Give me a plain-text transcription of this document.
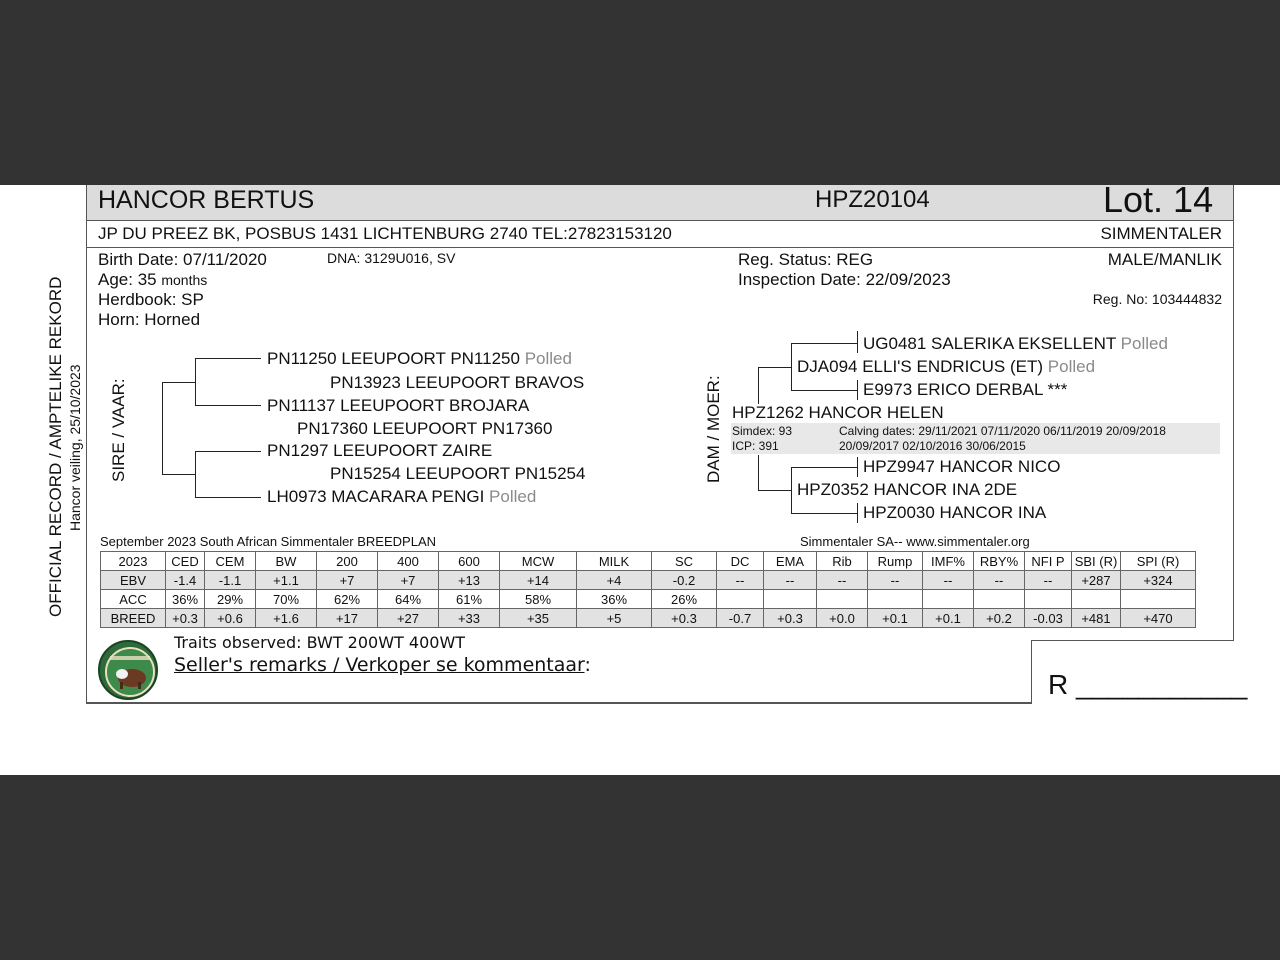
HANCOR BERTUS	HPZ20104	Lot. 14
JP DU PREEZ BK, POSBUS 1431 LICHTENBURG 2740 TEL:27823153120	SIMMENTALER
Birth Date: 07/11/2020	DNA: 3129U016, SV
Age: 35 months
Herdbook: SP
Horn: Horned
Reg. Status: REG
Inspection Date: 22/09/2023
MALE/MANLIK
Reg. No: 103444832
OFFICIAL RECORD / AMPTELIKE REKORD Hancor veiling, 25/10/2023 SIRE / VAAR:	DAM / MOER:
PN11250 LEEUPOORT PN11250 Polled
PN13923 LEEUPOORT BRAVOS
PN11137 LEEUPOORT BROJARA
PN17360 LEEUPOORT PN17360
PN1297 LEEUPOORT ZAIRE
PN15254 LEEUPOORT PN15254
LH0973 MACARARA PENGI Polled
UG0481 SALERIKA EKSELLENT Polled
DJA094 ELLI'S ENDRICUS (ET) Polled
E9973 ERICO DERBAL ***
HPZ1262 HANCOR HELEN
Simdex: 93
ICP: 391
Calving dates: 29/11/2021 07/11/2020 06/11/2019 20/09/2018
20/09/2017 02/10/2016 30/06/2015
HPZ9947 HANCOR NICO
HPZ0352 HANCOR INA 2DE
HPZ0030 HANCOR INA
September 2023 South African Simmentaler BREEDPLAN	Simmentaler SA-- www.simmentaler.org
2023	CED	CEM	BW	200	400	600	MCW	MILK	SC	DC	EMA	Rib	Rump	IMF%	RBY%	NFI P	SBI (R)	SPI (R)
EBV	-1.4	-1.1	+1.1	+7	+7	+13	+14	+4	-0.2	--	--	--	--	--	--	--	+287	+324
ACC	36%	29%	70%	62%	64%	61%	58%	36%	26%									
BREED	+0.3	+0.6	+1.6	+17	+27	+33	+35	+5	+0.3	-0.7	+0.3	+0.0	+0.1	+0.1	+0.2	-0.03	+481	+470
Traits observed: BWT 200WT 400WT
Seller's remarks / Verkoper se kommentaar:
R ___________
